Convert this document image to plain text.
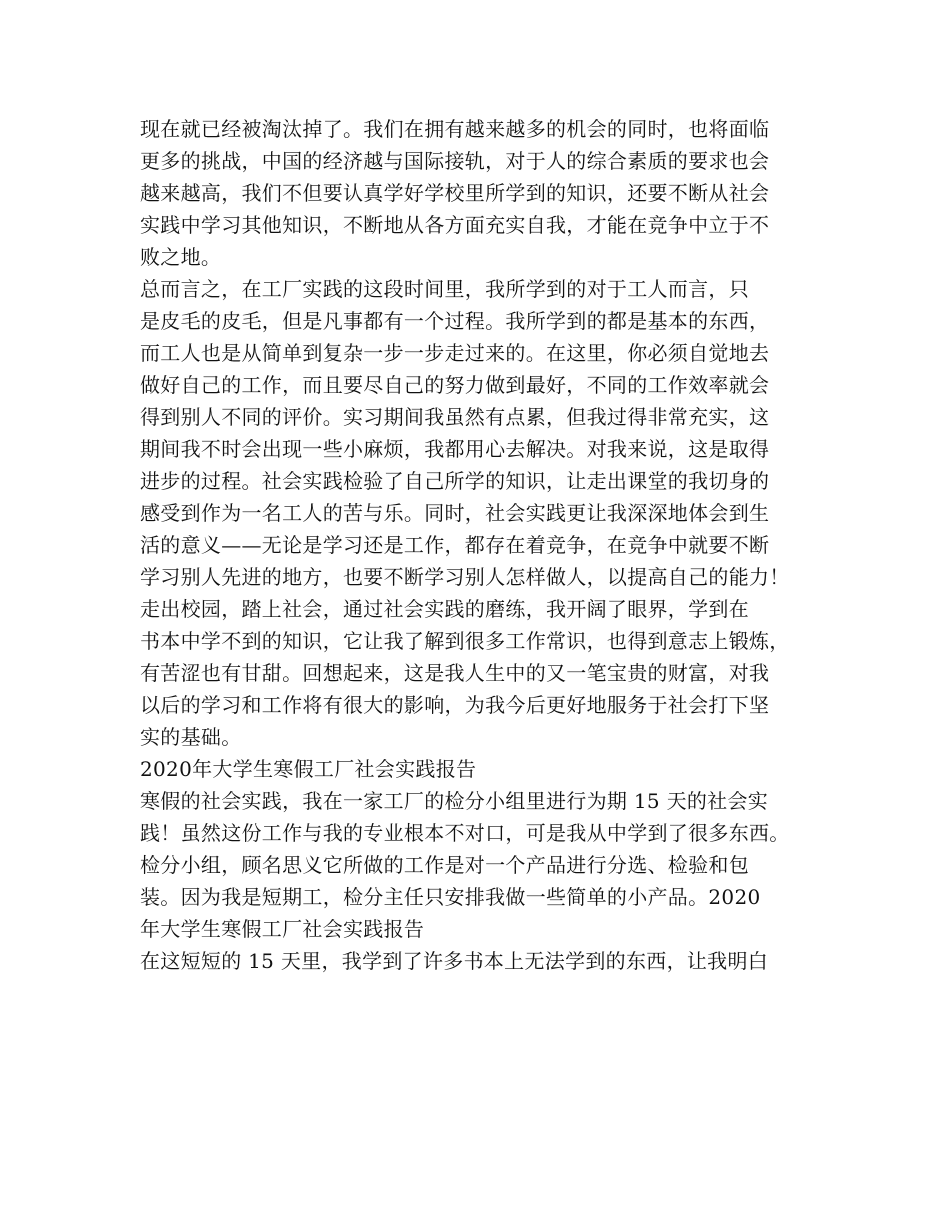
现在就已经被淘汰掉了。我们在拥有越来越多的机会的同时，也将面临
更多的挑战，中国的经济越与国际接轨，对于人的综合素质的要求也会
越来越高，我们不但要认真学好学校里所学到的知识，还要不断从社会
实践中学习其他知识，不断地从各方面充实自我，才能在竞争中立于不
败之地。
总而言之，在工厂实践的这段时间里，我所学到的对于工人而言，只
是皮毛的皮毛，但是凡事都有一个过程。我所学到的都是基本的东西，
而工人也是从简单到复杂一步一步走过来的。在这里，你必须自觉地去
做好自己的工作，而且要尽自己的努力做到最好，不同的工作效率就会
得到别人不同的评价。实习期间我虽然有点累，但我过得非常充实，这
期间我不时会出现一些小麻烦，我都用心去解决。对我来说，这是取得
进步的过程。社会实践检验了自己所学的知识，让走出课堂的我切身的
感受到作为一名工人的苦与乐。同时，社会实践更让我深深地体会到生
活的意义——无论是学习还是工作，都存在着竞争，在竞争中就要不断
学习别人先进的地方，也要不断学习别人怎样做人，以提高自己的能力！
走出校园，踏上社会，通过社会实践的磨练，我开阔了眼界，学到在
书本中学不到的知识，它让我了解到很多工作常识，也得到意志上锻炼，
有苦涩也有甘甜。回想起来，这是我人生中的又一笔宝贵的财富，对我
以后的学习和工作将有很大的影响，为我今后更好地服务于社会打下坚
实的基础。
2020年大学生寒假工厂社会实践报告
寒假的社会实践，我在一家工厂的检分小组里进行为期 15 天的社会实
践！虽然这份工作与我的专业根本不对口，可是我从中学到了很多东西。
检分小组，顾名思义它所做的工作是对一个产品进行分选、检验和包
装。因为我是短期工，检分主任只安排我做一些简单的小产品。2020
年大学生寒假工厂社会实践报告
在这短短的 15 天里，我学到了许多书本上无法学到的东西，让我明白
